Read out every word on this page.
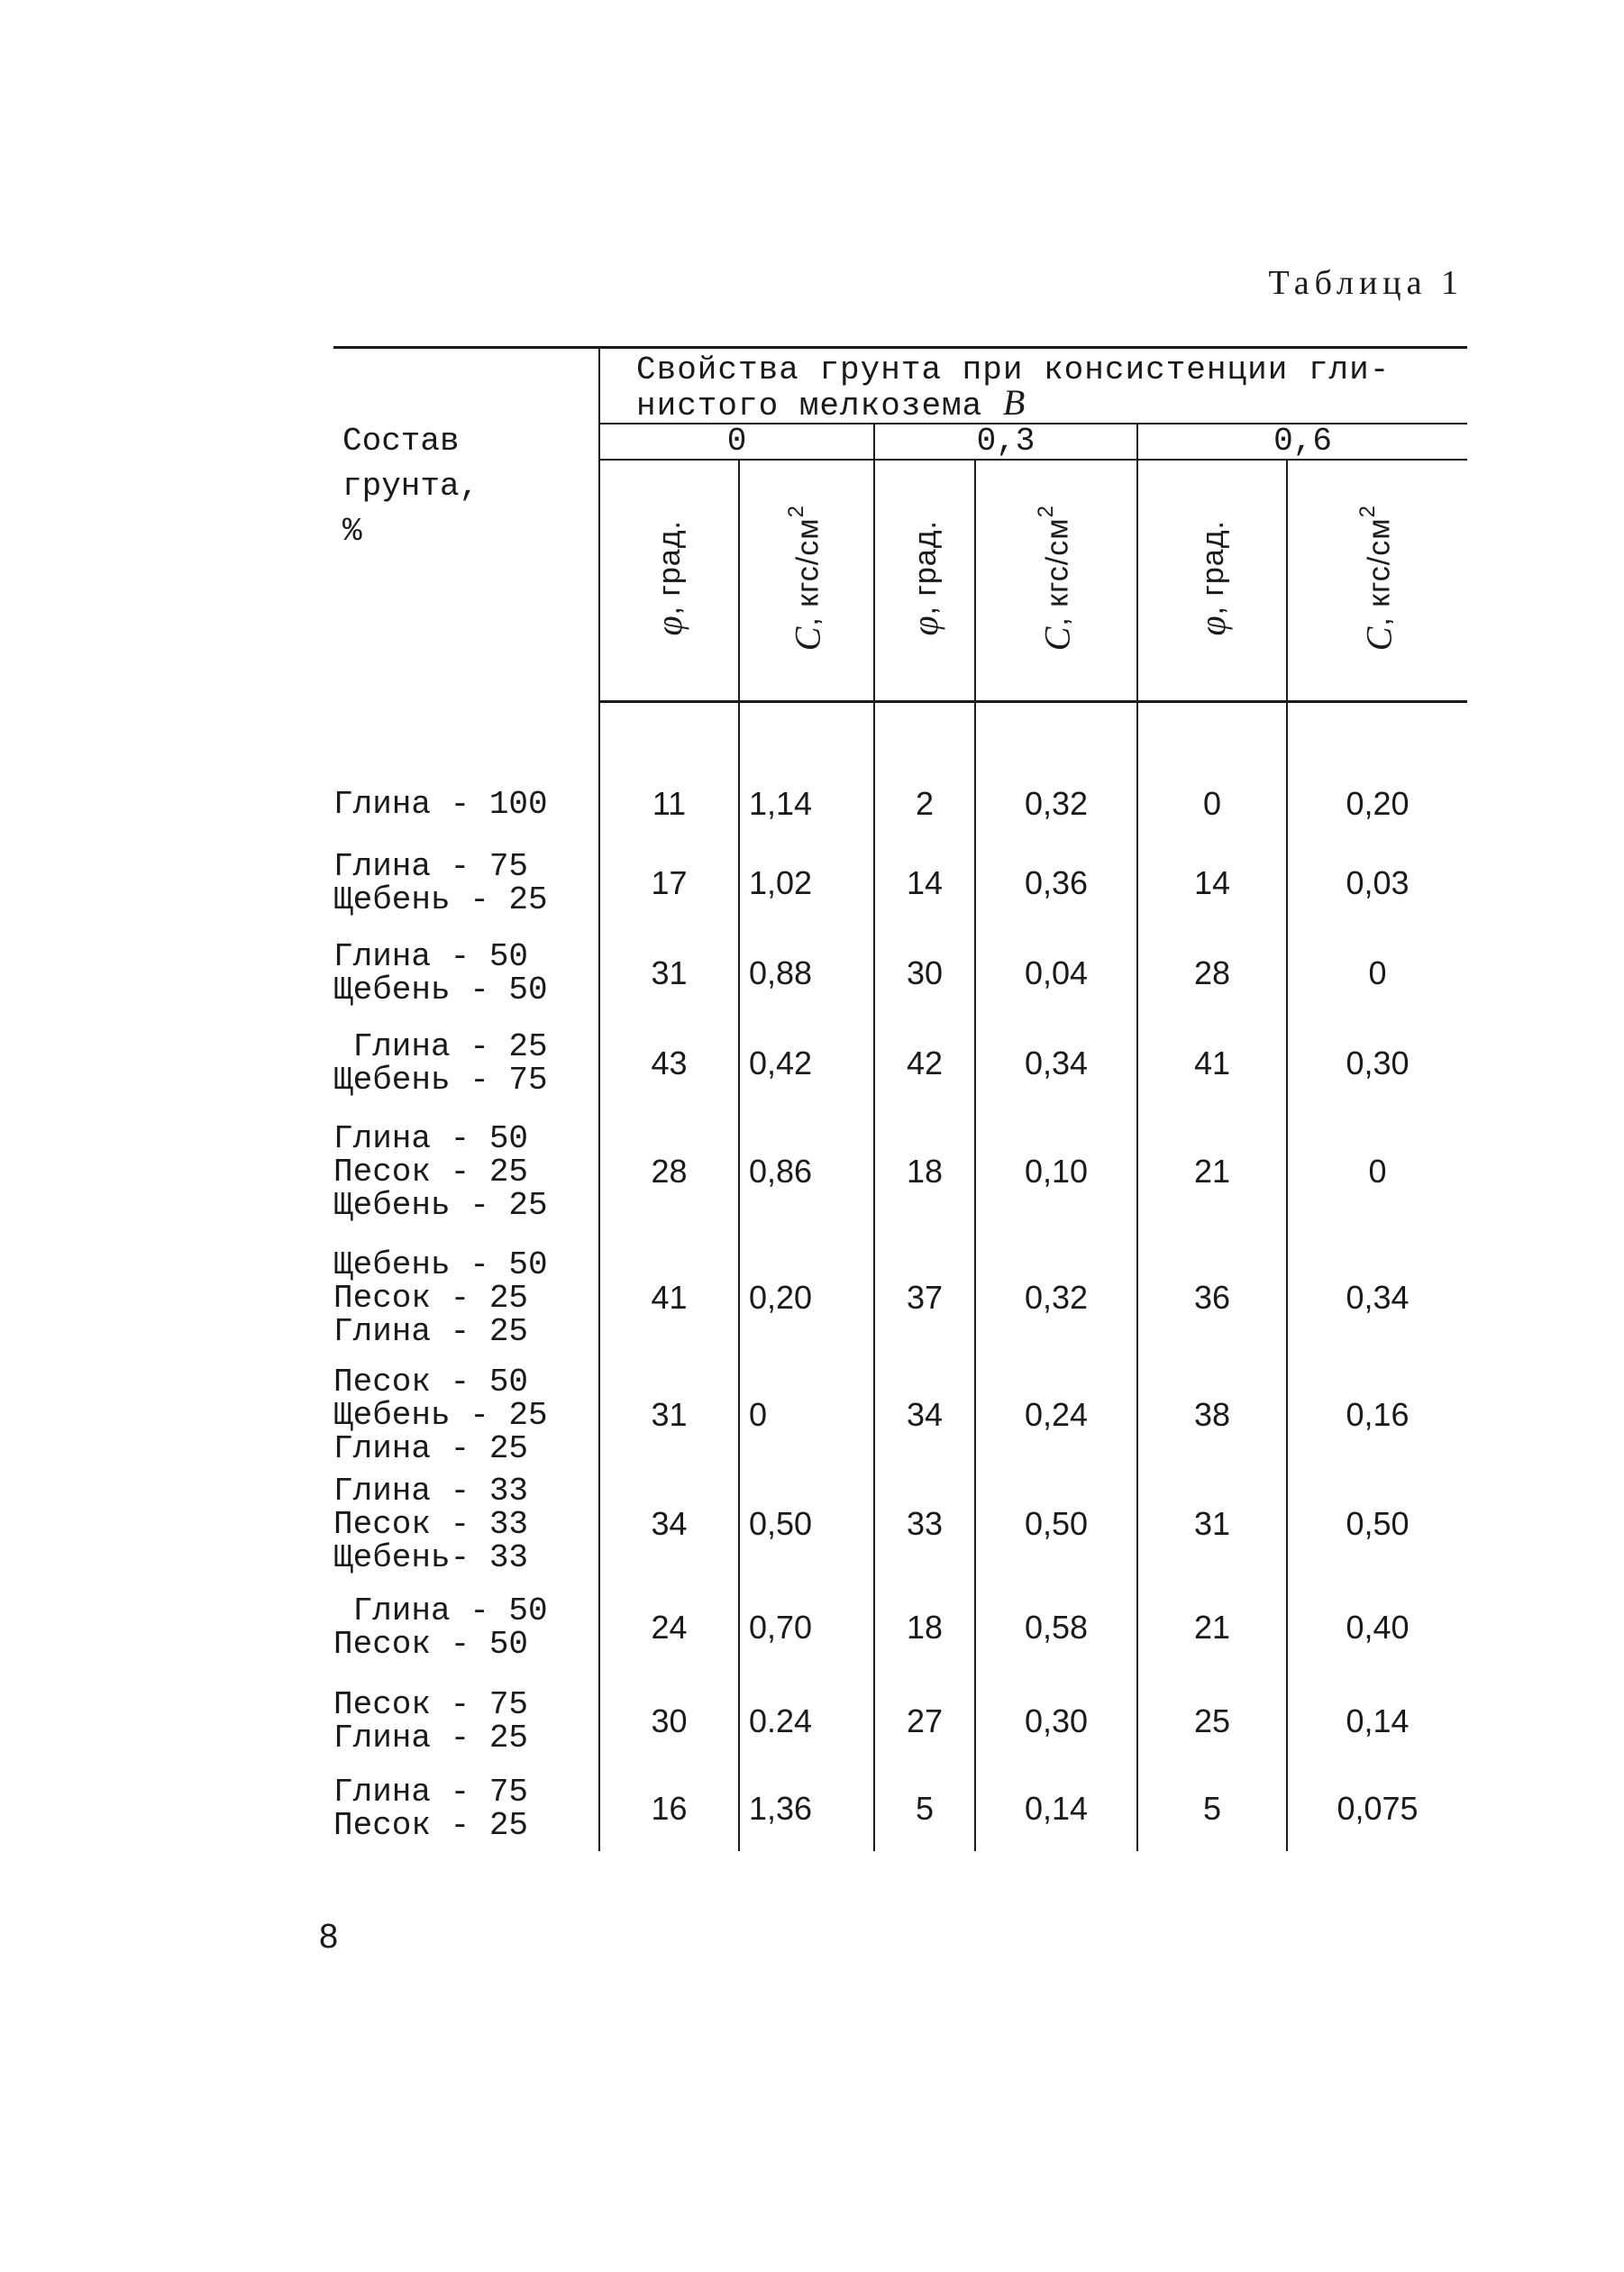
Таблица 1
Состав
грунта,
%	Свойства грунта при консистенции гли-
нистого мелкозема B					
	0		0,3		0,6	
	φ, град.	C, кгс/$см^2$	φ, град.	C, кгс/$см^2$	φ, град.	C, кгс/$см^2$

Глина - 100	11	1,14	2	0,32	0	0,20
Глина - 75
Щебень - 25	17	1,02	14	0,36	14	0,03
Глина - 50
Щебень - 50	31	0,88	30	0,04	28	0
Глина - 25
Щебень - 75	43	0,42	42	0,34	41	0,30
Глина - 50
Песок - 25
Щебень - 25	28	0,86	18	0,10	21	0
Щебень - 50
Песок - 25
Глина - 25	41	0,20	37	0,32	36	0,34
Песок - 50
Щебень - 25
Глина - 25	31	0	34	0,24	38	0,16
Глина - 33
Песок - 33
Щебень- 33	34	0,50	33	0,50	31	0,50
Глина - 50
Песок - 50	24	0,70	18	0,58	21	0,40
Песок - 75
Глина - 25	30	0.24	27	0,30	25	0,14
Глина - 75
Песок - 25	16	1,36	5	0,14	5	0,075
8
